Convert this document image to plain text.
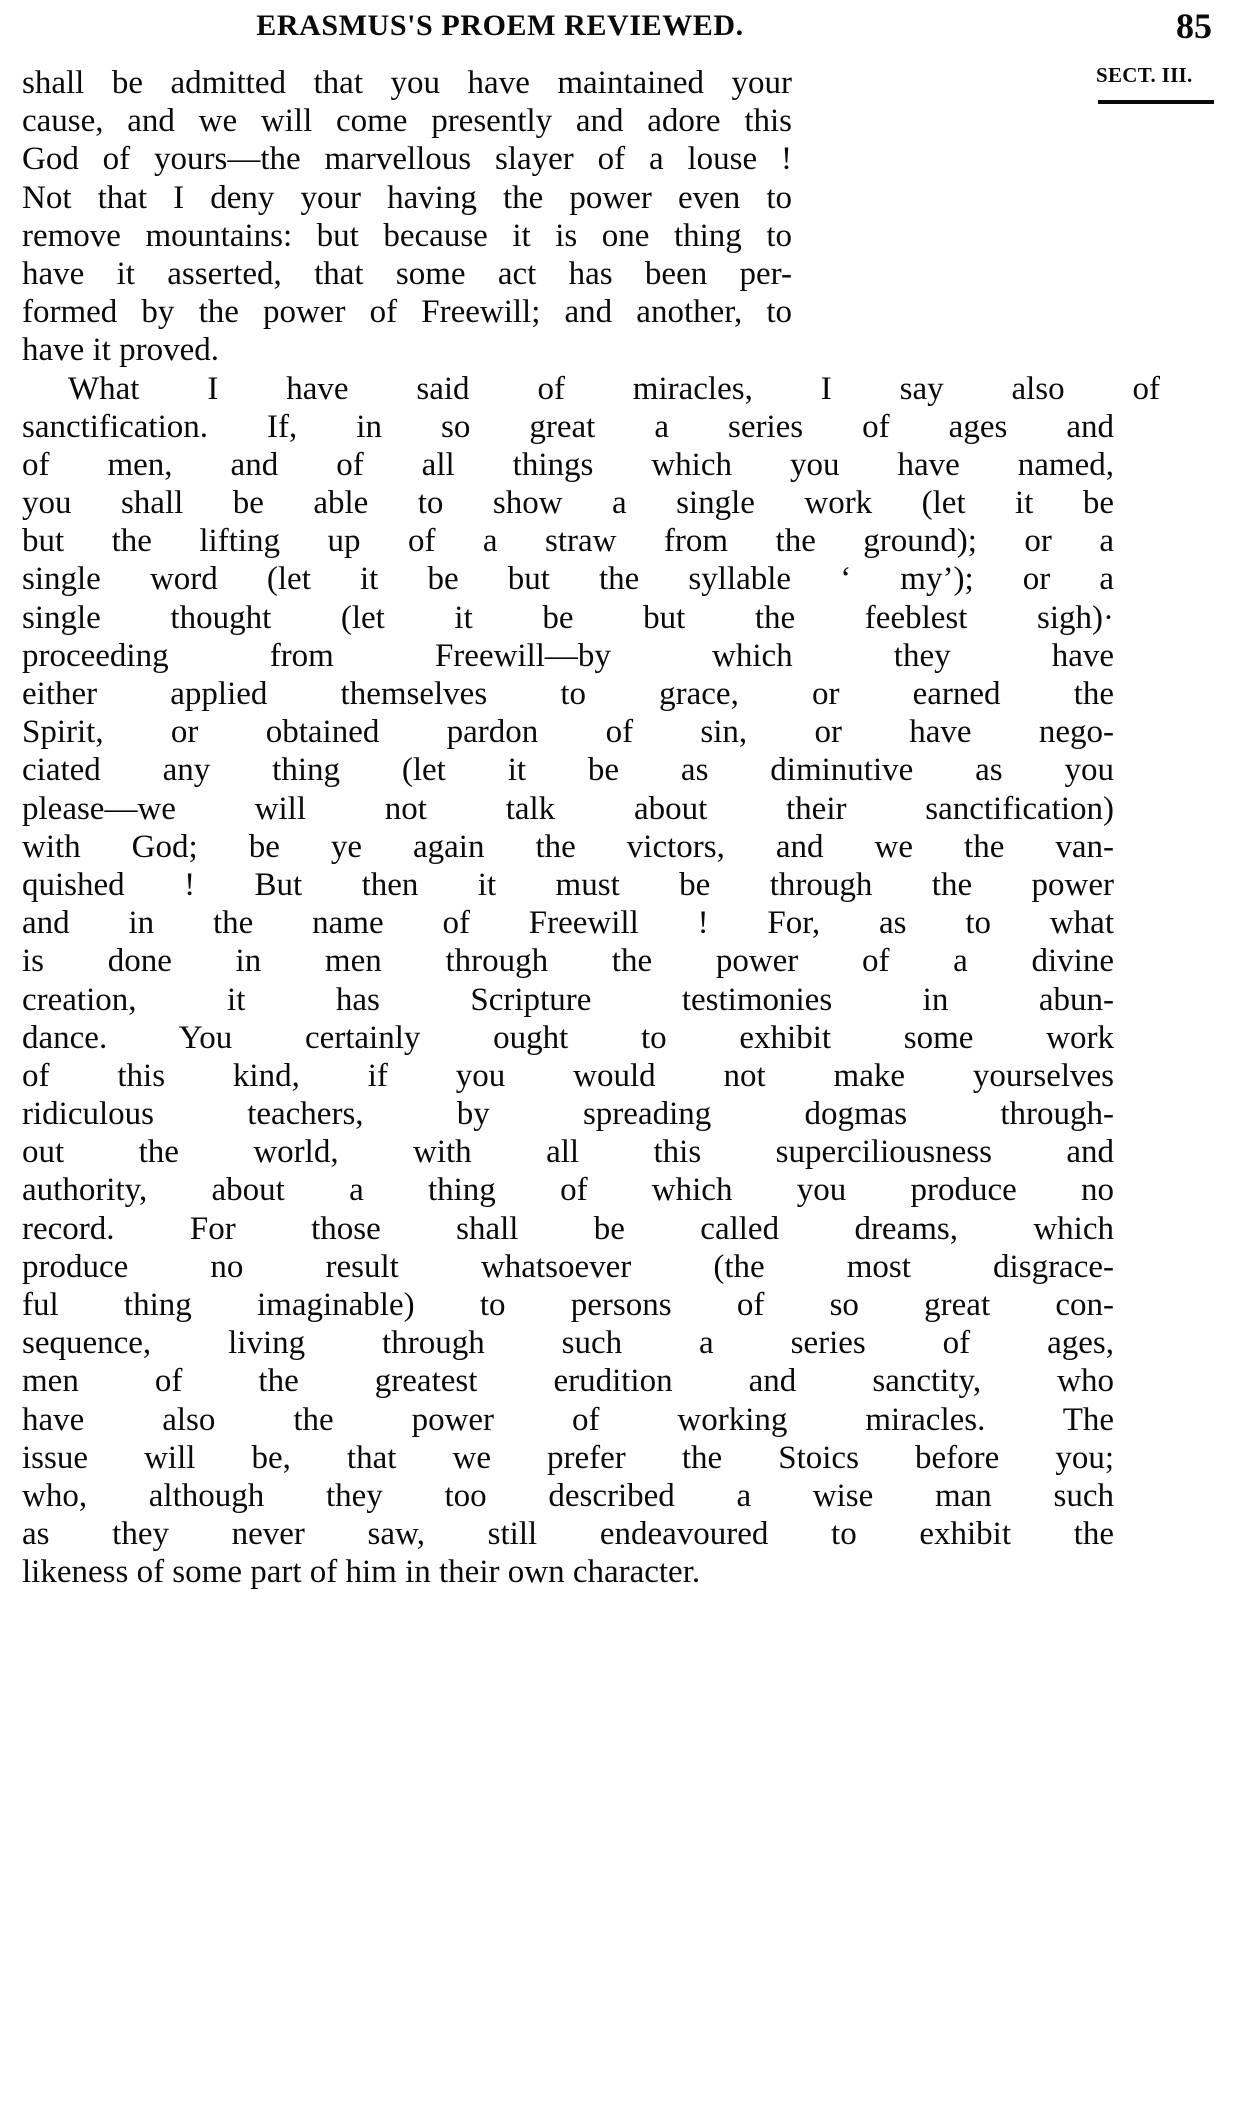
ERASMUS'S PROEM REVIEWED.	85
SECT. III.
shall be admitted that you have maintained your
cause, and we will come presently and adore this
God of yours—the marvellous slayer of a louse !
Not that I deny your having the power even to
remove mountains: but because it is one thing to
have it asserted, that some act has been per-
formed by the power of Freewill; and another, to
have it proved.
What I have said of miracles, I say also of
sanctification. If, in so great a series of ages and
of men, and of all things which you have named,
you shall be able to show a single work (let it be
but the lifting up of a straw from the ground); or a
single word (let it be but the syllable ‘ my’); or a
single thought (let it be but the feeblest sigh)·
proceeding from Freewill—by which they have
either applied themselves to grace, or earned the
Spirit, or obtained pardon of sin, or have nego-
ciated any thing (let it be as diminutive as you
please—we will not talk about their sanctification)
with God; be ye again the victors, and we the van-
quished ! But then it must be through the power
and in the name of Freewill ! For, as to what
is done in men through the power of a divine
creation, it has Scripture testimonies in abun-
dance. You certainly ought to exhibit some work
of this kind, if you would not make yourselves
ridiculous teachers, by spreading dogmas through-
out the world, with all this superciliousness and
authority, about a thing of which you produce no
record. For those shall be called dreams, which
produce no result whatsoever (the most disgrace-
ful thing imaginable) to persons of so great con-
sequence, living through such a series of ages,
men of the greatest erudition and sanctity, who
have also the power of working miracles. The
issue will be, that we prefer the Stoics before you;
who, although they too described a wise man such
as they never saw, still endeavoured to exhibit the
likeness of some part of him in their own character.
